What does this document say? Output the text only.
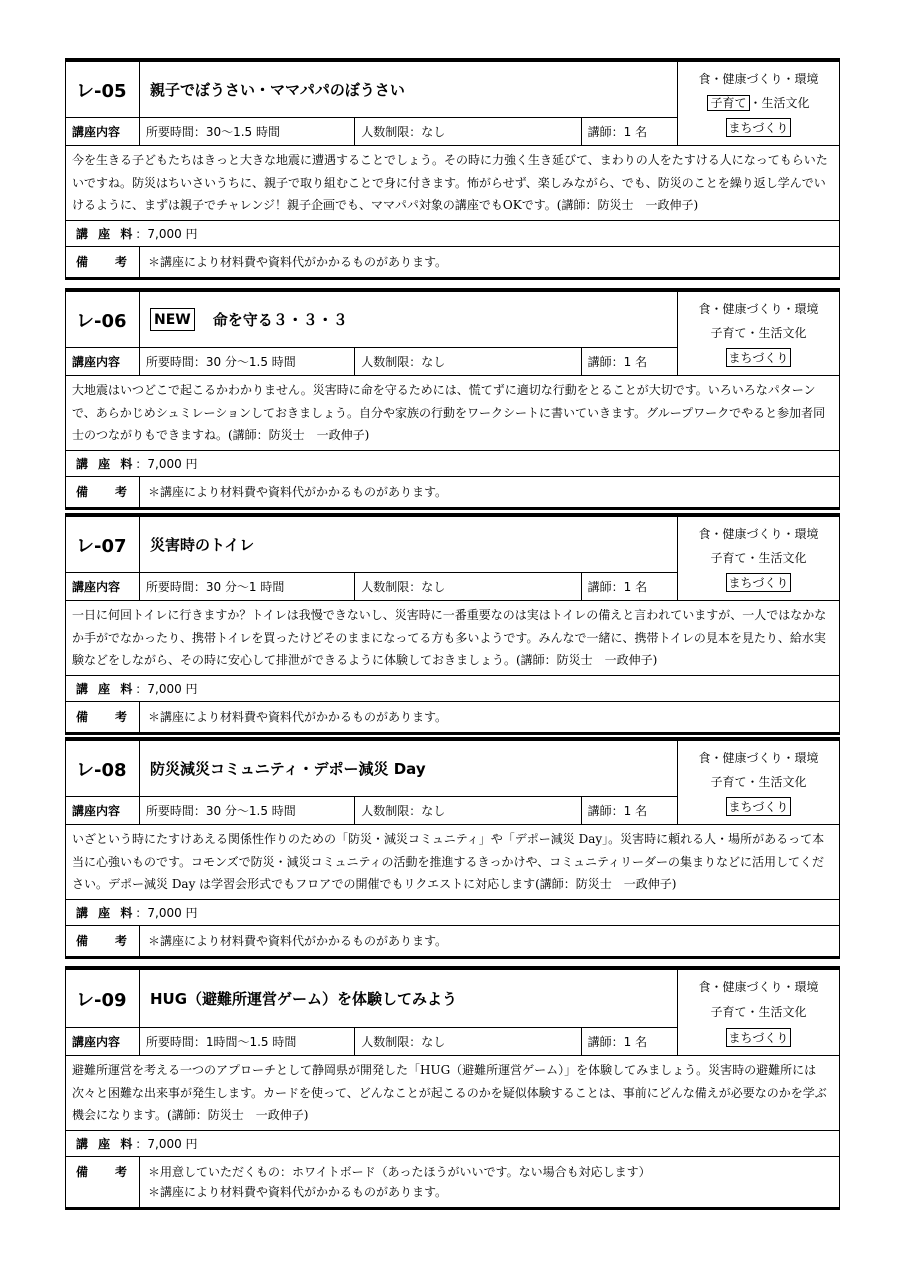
レ-05	親子でぼうさい・ママパパのぼうさい
食・健康づくり・環境
子育て ・生活文化
まちづくり
講座内容	所要時間：30～1.5 時間	人数制限：なし	講師：1 名
今を生きる子どもたちはきっと大きな地震に遭遇することでしょう。その時に力強く生き延びて、まわりの人をたすける人になってもらいたいですね。防災はちいさいうちに、親子で取り組むことで身に付きます。怖がらせず、楽しみながら、でも、防災のことを繰り返し学んでいけるように、まずは親子でチャレンジ！親子企画でも、ママパパ対象の講座でもOKです。(講師：防災士　一政伸子)
講 座 料 ： 7,000 円
備 考	＊講座により材料費や資料代がかかるものがあります。
レ-06	NEW 命を守る３・３・３
食・健康づくり・環境
子育て・生活文化
まちづくり
講座内容	所要時間：30 分～1.5 時間	人数制限：なし	講師：1 名
大地震はいつどこで起こるかわかりません。災害時に命を守るためには、慌てずに適切な行動をとることが大切です。いろいろなパターンで、あらかじめシュミレーションしておきましょう。自分や家族の行動をワークシートに書いていきます。グループワークでやると参加者同士のつながりもできますね。(講師：防災士　一政伸子)
講 座 料 ： 7,000 円
備 考	＊講座により材料費や資料代がかかるものがあります。
レ-07	災害時のトイレ
食・健康づくり・環境
子育て・生活文化
まちづくり
講座内容	所要時間：30 分～1 時間	人数制限：なし	講師：1 名
一日に何回トイレに行きますか？トイレは我慢できないし、災害時に一番重要なのは実はトイレの備えと言われていますが、一人ではなかなか手がでなかったり、携帯トイレを買ったけどそのままになってる方も多いようです。みんなで一緒に、携帯トイレの見本を見たり、給水実験などをしながら、その時に安心して排泄ができるように体験しておきましょう。(講師：防災士　一政伸子)
講 座 料 ： 7,000 円
備 考	＊講座により材料費や資料代がかかるものがあります。
レ-08	防災減災コミュニティ・デポー減災 Day
食・健康づくり・環境
子育て・生活文化
まちづくり
講座内容	所要時間：30 分～1.5 時間	人数制限：なし	講師：1 名
いざという時にたすけあえる関係性作りのための「防災・減災コミュニティ」や「デポー減災 Day」。災害時に頼れる人・場所があるって本当に心強いものです。コモンズで防災・減災コミュニティの活動を推進するきっかけや、コミュニティリーダーの集まりなどに活用してください。デポー減災 Day は学習会形式でもフロアでの開催でもリクエストに対応します(講師：防災士　一政伸子)
講 座 料 ： 7,000 円
備 考	＊講座により材料費や資料代がかかるものがあります。
レ-09	HUG（避難所運営ゲーム）を体験してみよう
食・健康づくり・環境
子育て・生活文化
まちづくり
講座内容	所要時間：1時間～1.5 時間	人数制限：なし	講師：1 名
避難所運営を考える一つのアプローチとして静岡県が開発した「HUG（避難所運営ゲーム）」を体験してみましょう。災害時の避難所には次々と困難な出来事が発生します。カードを使って、どんなことが起こるのかを疑似体験することは、事前にどんな備えが必要なのかを学ぶ機会になります。(講師：防災士　一政伸子)
講 座 料 ： 7,000 円
備 考 ＊用意していただくもの：ホワイトボード（あったほうがいいです。ない場合も対応します）
＊講座により材料費や資料代がかかるものがあります。
